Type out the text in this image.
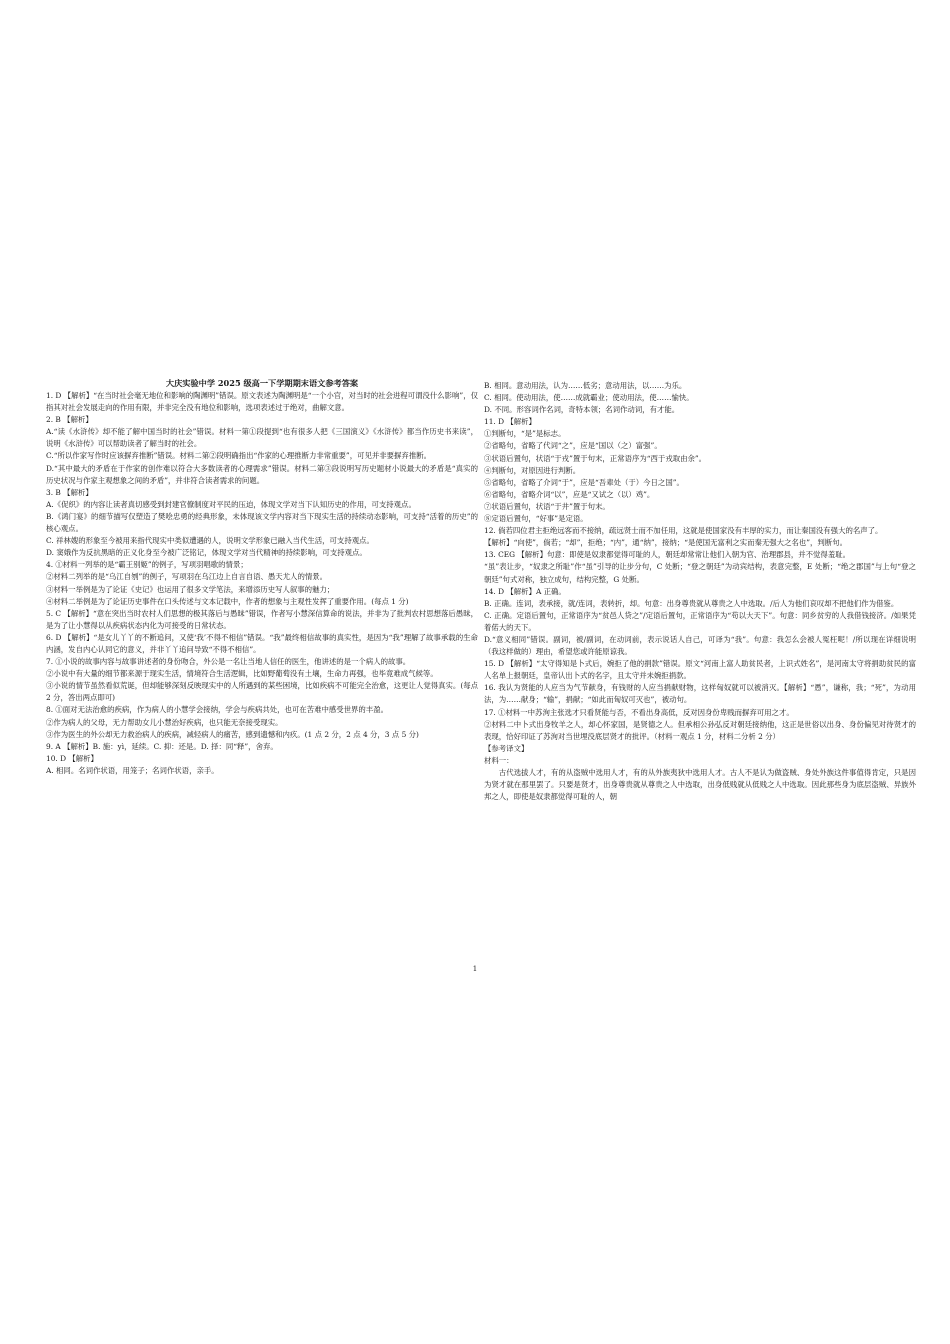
大庆实验中学 2025 级高一下学期期末语文参考答案
1. D 【解析】“在当时社会毫无地位和影响的陶渊明”错误。原文表述为陶渊明是“一个小官，对当时的社会进程可谓没什么影响”，仅指其对社会发展走向的作用有限，并非完全没有地位和影响，选项表述过于绝对，曲解文意。
2. B 【解析】
A.“读《水浒传》却不能了解中国当时的社会”错误。材料一第①段提到“也有很多人把《三国演义》《水浒传》都当作历史书来读”，说明《水浒传》可以帮助读者了解当时的社会。
C.“所以作家写作时应该摒弃推断”错误。材料二第②段明确指出“作家的心理推断力非常重要”，可见并非要摒弃推断。
D.“其中最大的矛盾在于作家的创作难以符合大多数读者的心理需求”错误。材料二第③段说明写历史题材小说最大的矛盾是“真实的历史状况与作家主观想象之间的矛盾”，并非符合读者需求的问题。
3. B 【解析】
A.《促织》的内容让读者真切感受到封建官僚制度对平民的压迫，体现文学对当下认知历史的作用，可支持观点。
B.《鸿门宴》的细节描写仅塑造了樊哙忠勇的经典形象，未体现该文学内容对当下现实生活的持续动态影响，可支持“活着的历史”的核心观点。
C. 祥林嫂的形象至今被用来指代现实中类似遭遇的人，说明文学形象已融入当代生活，可支持观点。
D. 窦娥作为反抗黑暗的正义化身至今被广泛铭记，体现文学对当代精神的持续影响，可支持观点。
4. ①材料一列举的是“霸王别姬”的例子，写项羽唱歌的情景；
②材料二列举的是“乌江自刎”的例子，写项羽在乌江边上自言自语、愚天尤人的情景。
③材料一举例是为了论证《史记》也运用了很多文学笔法，来增添历史写人叙事的魅力；
④材料二举例是为了论证历史事件在口头传述与文本记载中，作者的想象与主观性发挥了重要作用。(每点 1 分)
5. C 【解析】“意在突出当时农村人们思想的极其落后与愚昧”错误，作者写小慧深信算命的说法，并非为了批判农村思想落后愚昧，是为了让小慧得以从疾病状态内化为可接受的日常状态。
6. D 【解析】“是女儿丫丫的不断追问，又使‘我’不得不相信”错误。“我”最终相信故事的真实性，是因为“我”理解了故事承载的生命内涵，发自内心认同它的意义，并非丫丫追问导致“不得不相信”。
7. ①小说的故事内容与故事讲述者的身份吻合，外公是一名让当地人信任的医生，他讲述的是一个病人的故事。
②小说中有大量的细节都来源于现实生活，情境符合生活逻辑，比如野葡萄没有土壤，生命力再强，也毕竟难成气候等。
③小说的情节虽然看似荒诞，但却能够深刻反映现实中的人所遇到的某些困境，比如疾病不可能完全治愈，这更让人觉得真实。(每点 2 分，答出两点即可)
8. ①面对无法治愈的疾病，作为病人的小慧学会接纳，学会与疾病共处，也可在苦难中感受世界的丰盈。
②作为病人的父母，无力帮助女儿小慧治好疾病，也只能无奈接受现实。
③作为医生的外公却无力救治病人的疾病，减轻病人的痛苦，感到遗憾和内疚。(1 点 2 分，2 点 4 分，3 点 5 分)
9. A 【解析】B. 施：yì，延续。C. 抑：还是。D. 择：同“释”，舍弃。
10. D 【解析】
A. 相同。名词作状语，用笼子；名词作状语，亲手。
B. 相同。意动用法，认为……低劣；意动用法，以……为乐。
C. 相同。使动用法，使……成就霸业；使动用法，使……愉快。
D. 不同。形容词作名词，奇特本领；名词作动词，有才能。
11. D 【解析】
①判断句，“是”是标志。
②省略句，省略了代词“之”，应是“国以（之）富强”。
③状语后置句，状语“于戎”置于句末，正常语序为“西于戎取由余”。
④判断句，对原因进行判断。
⑤省略句，省略了介词“于”，应是“吾辈处（于）今日之国”。
⑥省略句，省略介词“以”，应是“又试之（以）鸡”。
⑦状语后置句，状语“于井”置于句末。
⑧定语后置句，“好事”是定语。
12. 倘若四位君主拒绝远客而不接纳，疏远贤士而不加任用，这就是使国家没有丰厚的实力，而让秦国没有强大的名声了。
【解析】“向使”，倘若；“却”，拒绝；“内”，通“纳”，接纳；“是使国无富利之实而秦无强大之名也”，判断句。
13. CEG 【解析】句意：即使是奴隶都觉得可耻的人，朝廷却常常让他们入朝为官、治理郡县，并不觉得羞耻。
“虽”表让步，“奴隶之所耻”作“虽”引导的让步分句，C 处断；“登之朝廷”为动宾结构，表意完整，E 处断；“绝之郡国”与上句“登之朝廷”句式对称，独立成句，结构完整，G 处断。
14. D 【解析】A 正确。
B. 正确。连词，表承接，就/连词，表转折，却。句意：出身尊贵就从尊贵之人中选取。/后人为他们哀叹却不把他们作为借鉴。
C. 正确。定语后置句，正常语序为“贫邑人贷之”/定语后置句，正常语序为“苟以大天下”。句意：同乡贫穷的人我借钱接济。/如果凭着偌大的天下。
D.“意义相同”错误。副词，被/副词，在动词前，表示说话人自己，可译为“我”。句意：我怎么会被人冤枉呢！/所以现在详细说明（我这样做的）理由，希望您或许能原谅我。
15. D 【解析】“太守得知是卜式后，婉拒了他的捐款”错误。原文“河南上富人助贫民者，上识式姓名”，是河南太守将捐助贫民的富人名单上报朝廷，皇帝认出卜式的名字，且太守并未婉拒捐款。
16. 我认为贤能的人应当为气节献身，有钱财的人应当捐献财物，这样匈奴就可以被消灭。【解析】“愚”，谦称，我；“死”，为动用法，为……献身；“输”，捐献；“如此而匈奴可灭也”，被动句。
17. ①材料一中苏洵主张选才只看贤能与否，不看出身高低，反对因身份卑贱而摒弃可用之才。
②材料二中卜式出身牧羊之人，却心怀家国，是贤德之人。但承相公孙弘反对朝廷接纳他，这正是世俗以出身、身份偏见对待贤才的表现，恰好印证了苏洵对当世埋没底层贤才的批评。（材料一观点 1 分，材料二分析 2 分）
【参考译文】
材料一：
古代选拔人才，有的从盗贼中选用人才，有的从外族夷狄中选用人才。古人不是认为做盗贼、身处外族这件事值得肯定，只是因为贤才就在那里罢了。只要是贤才，出身尊贵就从尊贵之人中选取，出身低贱就从低贱之人中选取。因此那些身为底层盗贼、异族外邦之人，即使是奴隶都觉得可耻的人，朝
1
